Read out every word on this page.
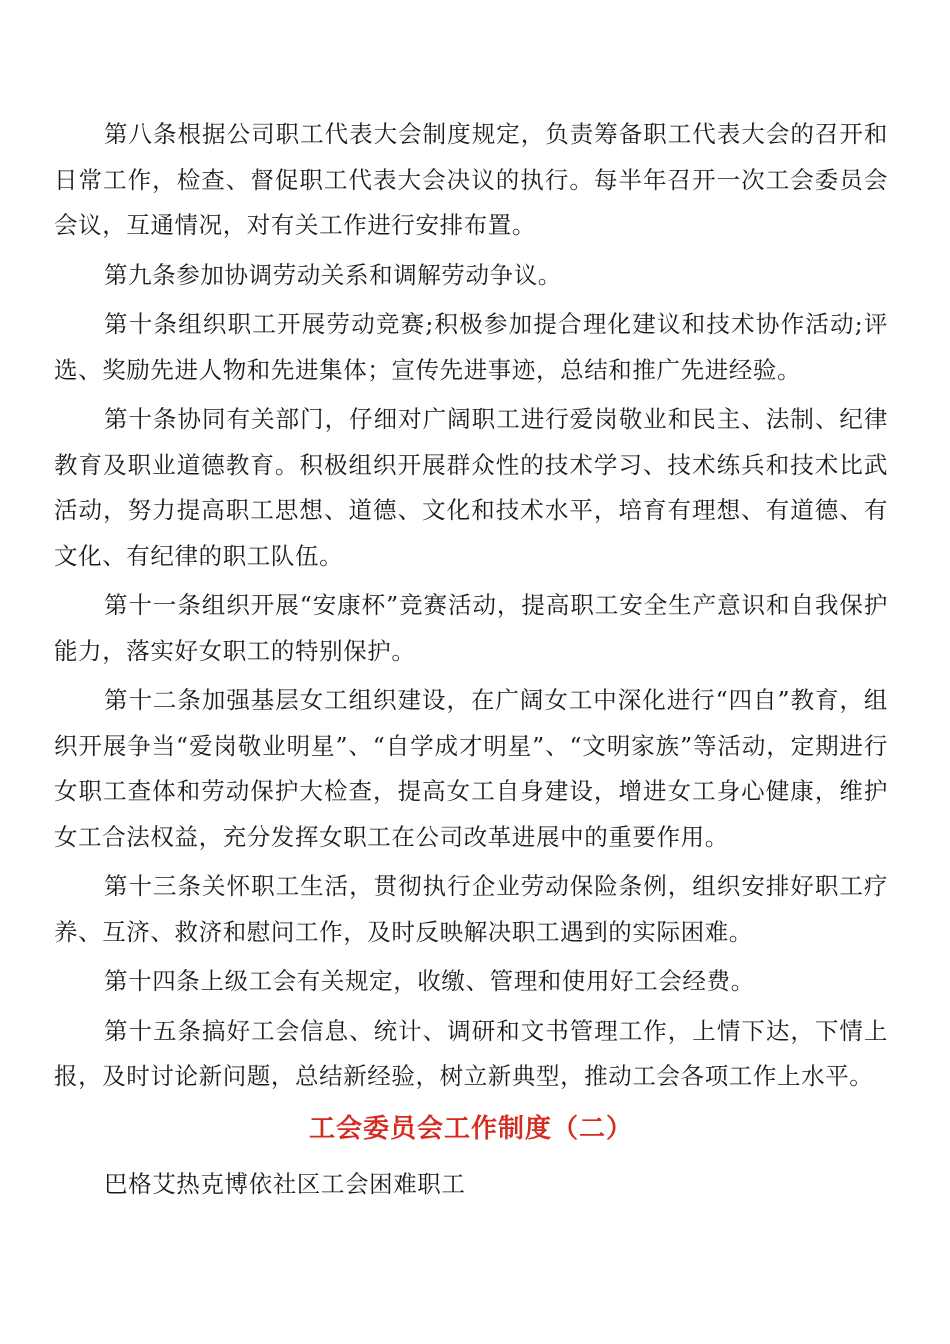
第八条根据公司职工代表大会制度规定，负责筹备职工代表大会的召开和日常工作，检查、督促职工代表大会决议的执行。每半年召开一次工会委员会会议，互通情况，对有关工作进行安排布置。

第九条参加协调劳动关系和调解劳动争议。

第十条组织职工开展劳动竞赛;积极参加提合理化建议和技术协作活动;评选、奖励先进人物和先进集体；宣传先进事迹，总结和推广先进经验。

第十条协同有关部门，仔细对广阔职工进行爱岗敬业和民主、法制、纪律教育及职业道德教育。积极组织开展群众性的技术学习、技术练兵和技术比武活动，努力提高职工思想、道德、文化和技术水平，培育有理想、有道德、有文化、有纪律的职工队伍。

第十一条组织开展“安康杯”竞赛活动，提高职工安全生产意识和自我保护能力，落实好女职工的特别保护。

第十二条加强基层女工组织建设，在广阔女工中深化进行“四自”教育，组织开展争当“爱岗敬业明星”、“自学成才明星”、“文明家族”等活动，定期进行女职工查体和劳动保护大检查，提高女工自身建设，增进女工身心健康，维护女工合法权益，充分发挥女职工在公司改革进展中的重要作用。

第十三条关怀职工生活，贯彻执行企业劳动保险条例，组织安排好职工疗养、互济、救济和慰问工作，及时反映解决职工遇到的实际困难。

第十四条上级工会有关规定，收缴、管理和使用好工会经费。

第十五条搞好工会信息、统计、调研和文书管理工作，上情下达，下情上报，及时讨论新问题，总结新经验，树立新典型，推动工会各项工作上水平。

工会委员会工作制度（二）

巴格艾热克博依社区工会困难职工
